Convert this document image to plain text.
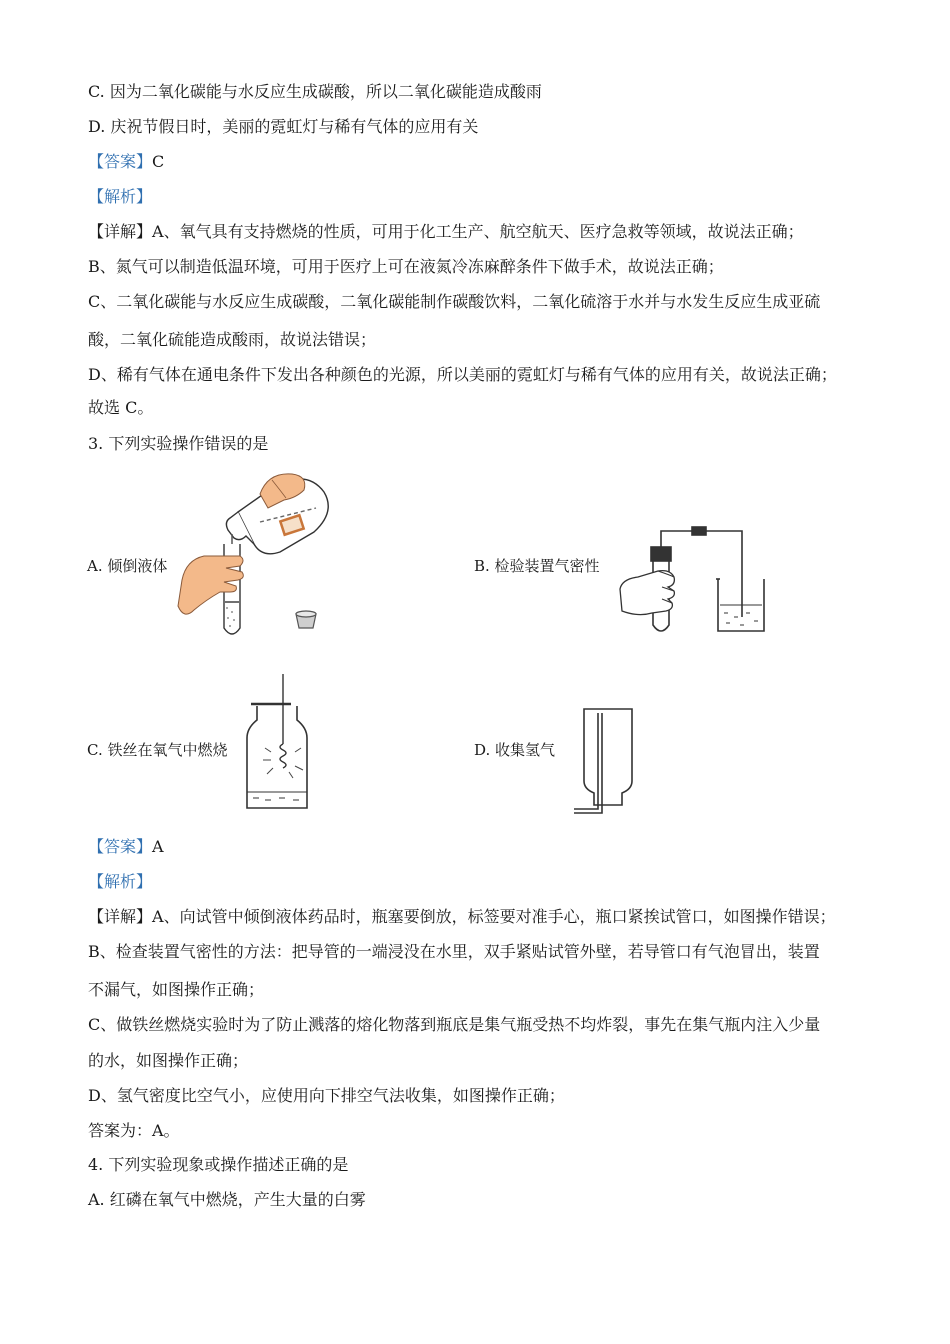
C. 因为二氧化碳能与水反应生成碳酸，所以二氧化碳能造成酸雨
D. 庆祝节假日时，美丽的霓虹灯与稀有气体的应用有关
【答案】C
【解析】
【详解】A、氧气具有支持燃烧的性质，可用于化工生产、航空航天、医疗急救等领域，故说法正确；
B、氮气可以制造低温环境，可用于医疗上可在液氮冷冻麻醉条件下做手术，故说法正确；
C、二氧化碳能与水反应生成碳酸，二氧化碳能制作碳酸饮料，二氧化硫溶于水并与水发生反应生成亚硫
酸，二氧化硫能造成酸雨，故说法错误；
D、稀有气体在通电条件下发出各种颜色的光源，所以美丽的霓虹灯与稀有气体的应用有关，故说法正确；
故选 C。
3. 下列实验操作错误的是
A. 倾倒液体	B. 检验装置气密性
C. 铁丝在氧气中燃烧	D. 收集氢气
【答案】A
【解析】
【详解】A、向试管中倾倒液体药品时，瓶塞要倒放，标签要对准手心，瓶口紧挨试管口，如图操作错误；
B、检查装置气密性的方法：把导管的一端浸没在水里，双手紧贴试管外壁，若导管口有气泡冒出，装置
不漏气，如图操作正确；
C、做铁丝燃烧实验时为了防止溅落的熔化物落到瓶底是集气瓶受热不均炸裂，事先在集气瓶内注入少量
的水，如图操作正确；
D、氢气密度比空气小，应使用向下排空气法收集，如图操作正确；
答案为：A。
4. 下列实验现象或操作描述正确的是
A. 红磷在氧气中燃烧，产生大量的白雾
